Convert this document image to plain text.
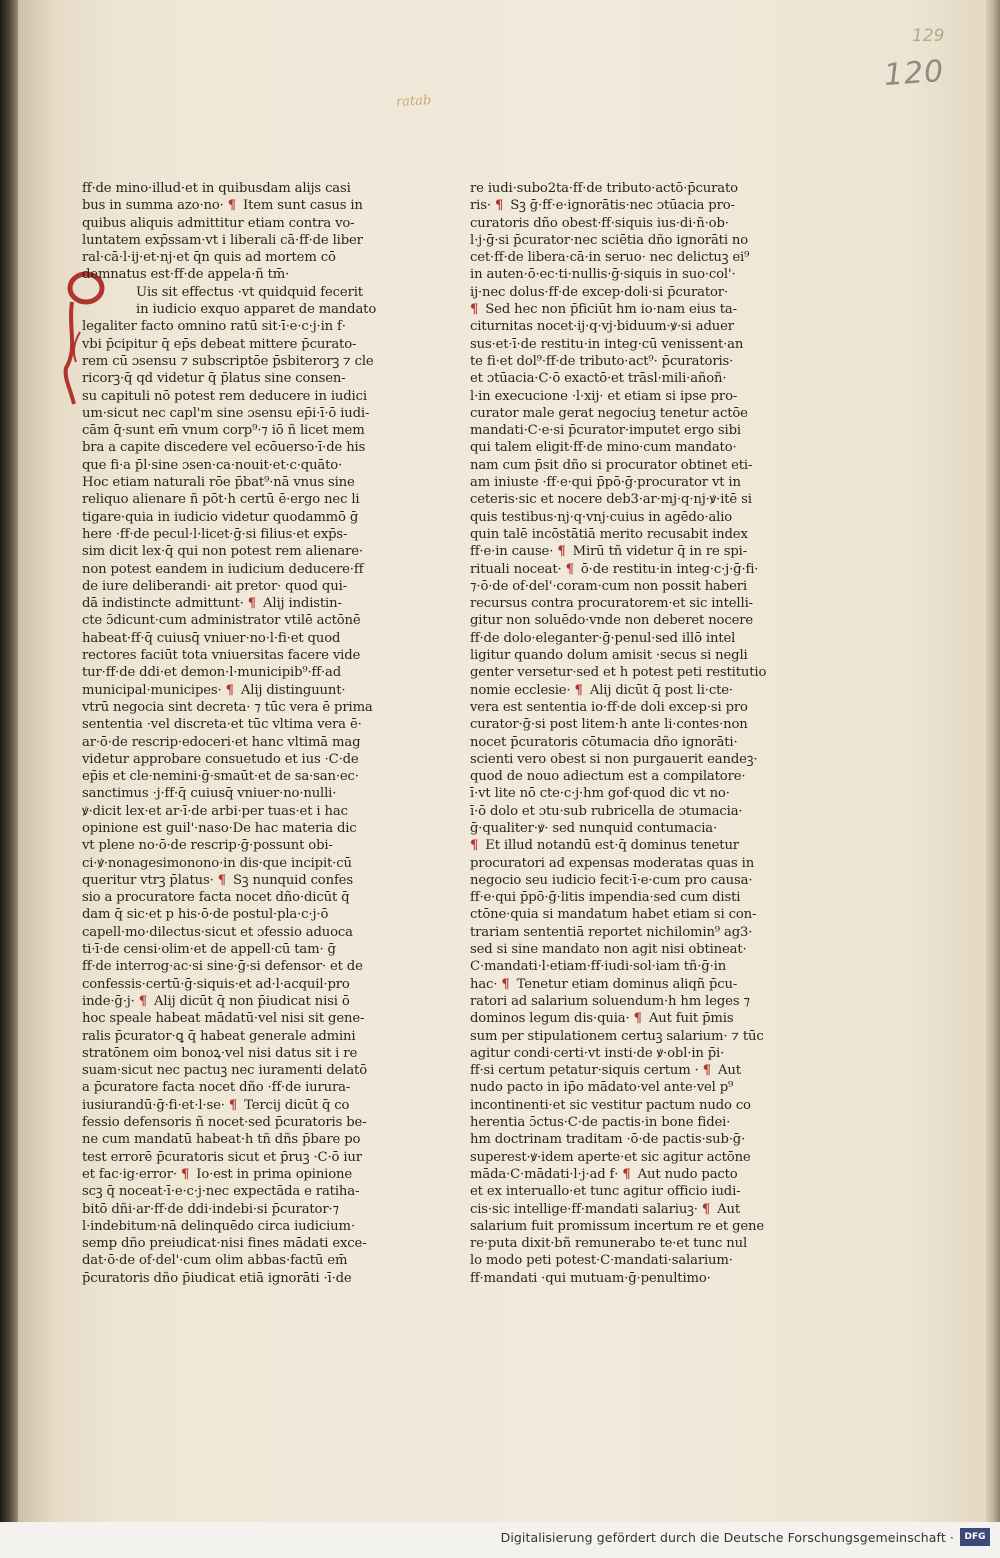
129
120
ratab
ff·de mino·illud·et in quibusdam alijs casi
bus in summa azo·no· ¶ Item sunt casus in
quibus aliquis admittitur etiam contra vo-
luntatem exp̄ssam·vt i liberali cā·ff·de liber
ral·cā·l·ij·et·nj·et q̄n quis ad mortem cō
demnatus est·ff·de appela·ñ tm̄·
Uis sit effectus ·vt quidquid fecerit
in iudicio exquo apparet de mandato
legaliter facto omnino ratū sit·ī·e·c·j·in f·
vbi p̄cipitur q̄ ep̄s debeat mittere p̄curato-
rem cū ɔsensu ⁊ subscriptōe p̄sbiterorꝫ ⁊ cle
ricorꝫ·q̄ qd̄ videtur q̄ p̄latus sine consen-
su capituli nō potest rem deducere in iudici
um·sicut nec capl'm sine ɔsensu ep̄i·ī·ō iudi-
cām q̄·sunt em̄ vnum corp⁹·⁊ iō ñ licet mem
bra a capite discedere vel ecōuerso·ī·de his
que fi·a p̄l·sine ɔsen·ca·nouit·et·c·quāto·
Hoc etiam naturali rōe p̄bat⁹·nā vnus sine
reliquo alienare ñ pōt·h̄ certū ē·ergo nec li
tigare·quia in iudicio videtur quodammō ḡ
here ·ff·de pecul·l·licet·ḡ·si filius·et exp̄s-
sim dicit lex·q̄ qui non potest rem alienare·
non potest eandem in iudicium deducere·ff
de iure deliberandi· ait pretor· quod qui-
dā indistincte admittunt· ¶ Alij indistin-
cte ɔ̄dicunt·cum administrator vtilē actōnē
habeat·ff·q̄ cuiusq̄ vniuer·no·l·fi·et quod
rectores faciūt tota vniuersitas facere vide
tur·ff·de ddi·et demon·l·municipib⁹·ff·ad
municipal·municipes· ¶ Alij distinguunt·
vtrū negocia sint decreta· ⁊ tūc vera ē prima
sententia ·vel discreta·et tūc vltima vera ē·
ar·ō·de rescrip·edoceri·et hanc vltimā mag
videtur approbare consuetudo et ius ·C·de
ep̄is et cle·nemini·ḡ·smaūt·et de sa·san·ec·
sanctimus ·j·ff·q̄ cuiusq̄ vniuer·no·nulli·
ꝟ·dicit lex·et ar·ī·de arbi·per tuas·et i hac
opinione est guil'·naso·De hac materia dic
vt plene no·ō·de rescrip·ḡ·possunt obi-
ci·ꝟ·nonagesimonono·in dis·que incipit·cū
queritur vtrꝫ p̄latus· ¶ Sꝫ nunquid confes
sio a procuratore facta nocet dño·dicūt q̄
dam q̄ sic·et p his·ō·de postul·pla·c·j·ō
capell·mo·dilectus·sicut et ɔfessio aduoca
ti·ī·de censi·olim·et de appell·cū tam· ḡ
ff·de interrog·ac·si sine·ḡ·si defensor· et de
confessis·certū·ḡ·siquis·et ad·l·acquil·pro
inde·ḡ·j· ¶ Alij dicūt q̄ non p̄iudicat nisi ō
hoc speale habeat mādatū·vel nisi sit gene-
ralis p̄curator·ꝗ q̄ habeat generale admini
stratōnem oim bonoꝝ·vel nisi datus sit i re
suam·sicut nec pactuꝫ nec iuramenti delatō
a p̄curatore facta nocet dño ·ff·de iurura-
iusiurandū·ḡ·fi·et·l·se· ¶ Tercij dicūt q̄ co
fessio defensoris ñ nocet·sed p̄curatoris be-
ne cum mandatū habeat·h̄ tñ dñs p̄bare po
test errorē p̄curatoris sicut et p̄ruꝫ ·C·ō iur
et fac·ig·error· ¶ Io·est in prima opinione
scꝫ q̄ noceat·ī·e·c·j·nec expectāda e ratiha-
bitō dñi·ar·ff·de ddi·indebi·si p̄curator·⁊
l·indebitum·nā delinquēdo circa iudicium·
semp dño preiudicat·nisi fines mādati exce-
dat·ō·de of·del'·cum olim abbas·factū em̄
p̄curatoris dño p̄iudicat etiā ignorāti ·ī·de
re iudi·subo2ta·ff·de tributo·actō·p̄curato
ris· ¶ Sꝫ ḡ·ff·e·ignorātis·nec ɔtūacia pro-
curatoris dño obest·ff·siquis ius·di·ñ·ob·
l·j·ḡ·si p̄curator·nec sciētia dño ignorāti no
cet·ff·de libera·cā·in seruo· nec delictuꝫ ei⁹
in auten·ō·ec·ti·nullis·ḡ·siquis in suo·col'·
ij·nec dolus·ff·de excep·doli·si p̄curator·
¶ Sed hec non p̄ficiūt h̄m io·nam eius ta-
citurnitas nocet·ij·q·vj·biduum·ꝟ·si aduer
sus·et·ī·de restitu·in integ·cū venissent·an
te fi·et dol⁹·ff·de tributo·act⁹· p̄curatoris·
et ɔtūacia·C·ō exactō·et trāsl·mili·añoñ·
l·in execucione ·l·xij· et etiam si ipse pro-
curator male gerat negociuꝫ tenetur actōe
mandati·C·e·si p̄curator·imputet ergo sibi
qui talem eligit·ff·de mino·cum mandato·
nam cum p̄sit dño si procurator obtinet eti-
am iniuste ·ff·e·qui p̄pō·ḡ·procurator vt in
ceteris·sic et nocere deb3·ar·mj·q·nj·ꝟ·itē si
quis testibus·nj·q·vnj·cuius in agēdo·alio
quin talē incōstātiā merito recusabit index
ff·e·in cause· ¶ Mirū tñ videtur q̄ in re spi-
rituali noceat· ¶ ō·de restitu·in integ·c·j·ḡ·fi·
⁊·ō·de of·del'·coram·cum non possit haberi
recursus contra procuratorem·et sic intelli-
gitur non soluēdo·vnde non deberet nocere
ff·de dolo·eleganter·ḡ·penul·sed illō intel
ligitur quando dolum amisit ·secus si negli
genter versetur·sed et h̄ potest peti restitutio
nomie ecclesie· ¶ Alij dicūt q̄ post li·cte·
vera est sententia io·ff·de doli excep·si pro
curator·ḡ·si post litem·h̄ ante li·contes·non
nocet p̄curatoris cōtumacia dño ignorāti·
scienti vero obest si non purgauerit eandeꝫ·
quod de nouo adiectum est a compilatore·
ī·vt lite nō cte·c·j·h̄m gof·quod dic vt no·
ī·ō dolo et ɔtu·sub rubricella de ɔtumacia·
ḡ·qualiter·ꝟ· sed nunquid contumacia·
¶ Et illud notandū est·q̄ dominus tenetur
procuratori ad expensas moderatas quas in
negocio seu iudicio fecit·ī·e·cum pro causa·
ff·e·qui p̄pō·ḡ·litis impendia·sed cum disti
ctōne·quia si mandatum habet etiam si con-
trariam sententiā reportet nichilomin⁹ ag3·
sed si sine mandato non agit nisi obtineat·
C·mandati·l·etiam·ff·iudi·sol·iam tñ·ḡ·in
hac· ¶ Tenetur etiam dominus aliqñ p̄cu-
ratori ad salarium soluendum·h̄ h̄m leges ⁊
dominos legum dis·quia· ¶ Aut fuit p̄mis
sum per stipulationem certuꝫ salarium· ⁊ tūc
agitur condi·certi·vt insti·de ꝟ·obl·in p̄i·
ff·si certum petatur·siquis certum · ¶ Aut
nudo pacto in ip̄o mādato·vel ante·vel p⁹
incontinenti·et sic vestitur pactum nudo co
herentia ɔ̄ctus·C·de pactis·in bone fidei·
h̄m doctrinam traditam ·ō·de pactis·sub·ḡ·
superest·ꝟ·idem aperte·et sic agitur actōne
māda·C·mādati·l·j·ad f· ¶ Aut nudo pacto
et ex interuallo·et tunc agitur officio iudi-
cis·sic intellige·ff·mandati salariuꝫ· ¶ Aut
salarium fuit promissum incertum re et gene
re·puta dixit·bñ remunerabo te·et tunc nul
lo modo peti potest·C·mandati·salarium·
ff·mandati ·qui mutuam·ḡ·penultimo·
Digitalisierung gefördert durch die Deutsche Forschungsgemeinschaft ·	DFG
